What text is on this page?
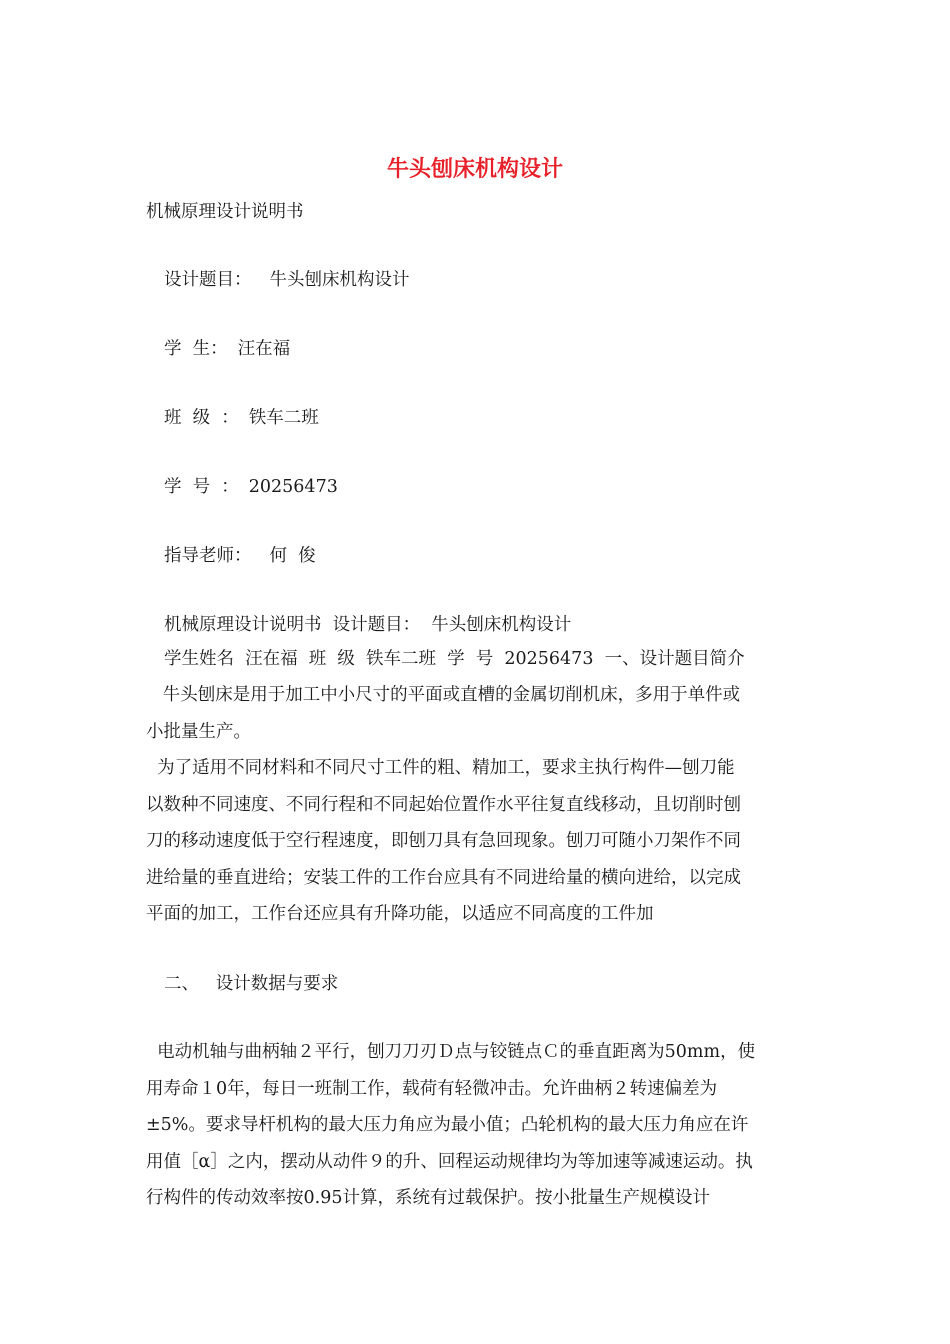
牛头刨床机构设计
机械原理设计说明书
设计题目： 牛头刨床机构设计
学  生： 汪在福
班  级  ： 铁车二班
学  号  ： 20256473
指导老师： 何  俊
机械原理设计说明书  设计题目：  牛头刨床机构设计
学生姓名  汪在福  班  级  铁车二班  学  号  20256473  一、设计题目简介
牛头刨床是用于加工中小尺寸的平面或直槽的金属切削机床，多用于单件或
小批量生产。
为了适用不同材料和不同尺寸工件的粗、精加工，要求主执行构件—刨刀能
以数种不同速度、不同行程和不同起始位置作水平往复直线移动，且切削时刨
刀的移动速度低于空行程速度，即刨刀具有急回现象。刨刀可随小刀架作不同
进给量的垂直进给；安装工件的工作台应具有不同进给量的横向进给，以完成
平面的加工，工作台还应具有升降功能，以适应不同高度的工件加
二、   设计数据与要求
电动机轴与曲柄轴２平行，刨刀刀刃Ｄ点与铰链点Ｃ的垂直距离为50mm，使
用寿命１0年，每日一班制工作，载荷有轻微冲击。允许曲柄２转速偏差为
±5%。要求导杆机构的最大压力角应为最小值；凸轮机构的最大压力角应在许
用值［α］之内，摆动从动件９的升、回程运动规律均为等加速等减速运动。执
行构件的传动效率按0.95计算，系统有过载保护。按小批量生产规模设计
